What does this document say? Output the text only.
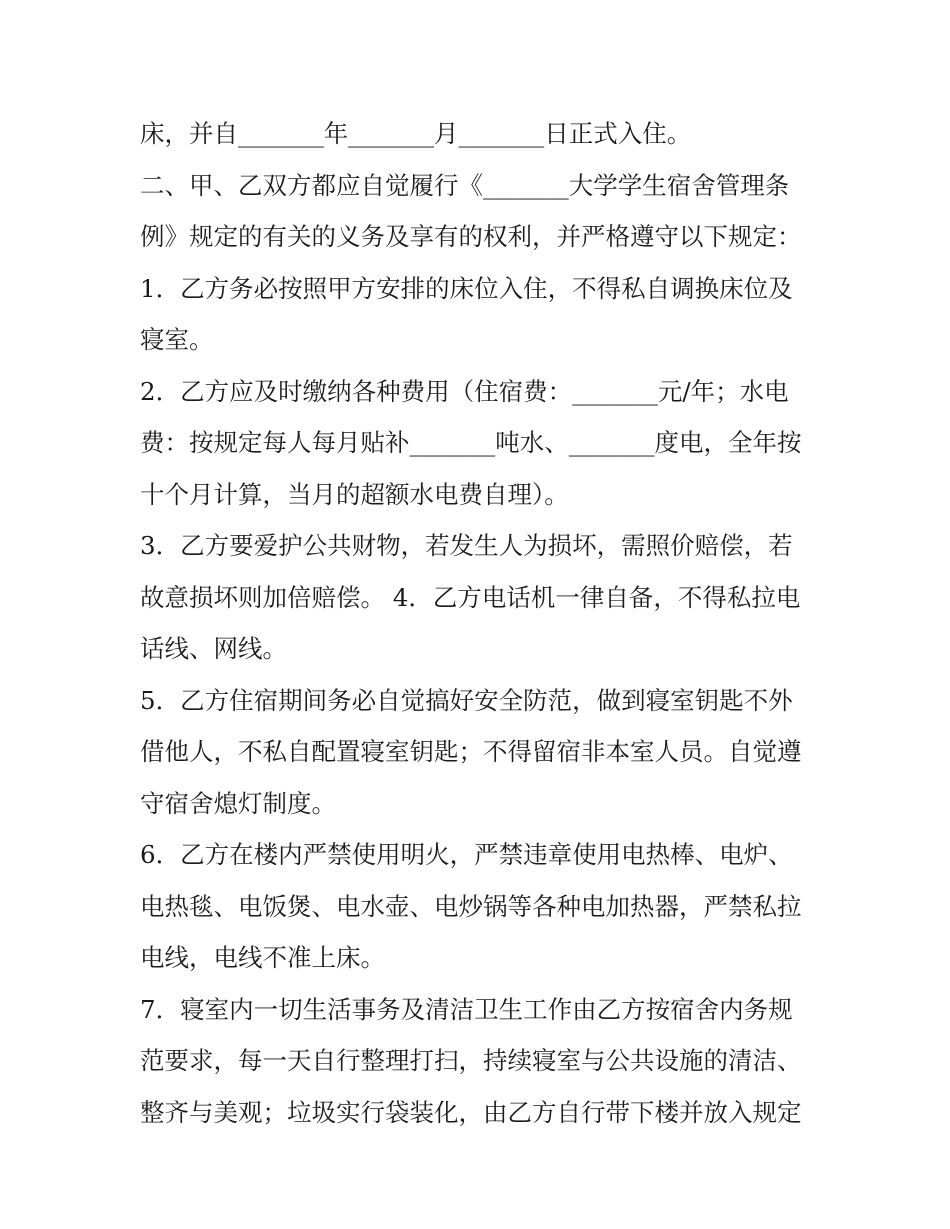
床，并自_______年_______月_______日正式入住。
二、甲、乙双方都应自觉履行《_______大学学生宿舍管理条
例》规定的有关的义务及享有的权利，并严格遵守以下规定：
1．乙方务必按照甲方安排的床位入住，不得私自调换床位及
寝室。
2．乙方应及时缴纳各种费用（住宿费：_______元/年；水电
费：按规定每人每月贴补_______吨水、_______度电，全年按
十个月计算，当月的超额水电费自理）。
3．乙方要爱护公共财物，若发生人为损坏，需照价赔偿，若
故意损坏则加倍赔偿。 4．乙方电话机一律自备，不得私拉电
话线、网线。
5．乙方住宿期间务必自觉搞好安全防范，做到寝室钥匙不外
借他人，不私自配置寝室钥匙；不得留宿非本室人员。自觉遵
守宿舍熄灯制度。
6．乙方在楼内严禁使用明火，严禁违章使用电热棒、电炉、
电热毯、电饭煲、电水壶、电炒锅等各种电加热器，严禁私拉
电线，电线不准上床。
7．寝室内一切生活事务及清洁卫生工作由乙方按宿舍内务规
范要求，每一天自行整理打扫，持续寝室与公共设施的清洁、
整齐与美观；垃圾实行袋装化，由乙方自行带下楼并放入规定
